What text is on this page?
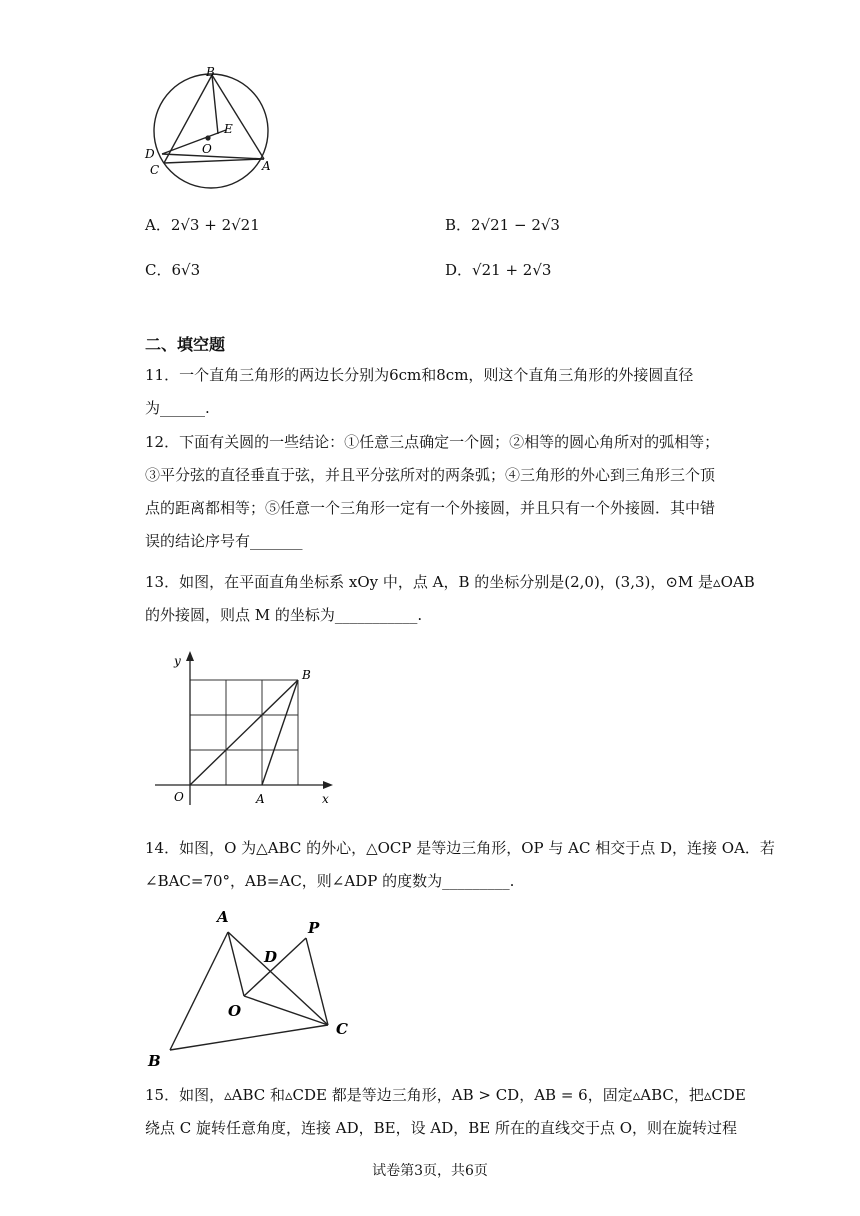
B
E
O
D
C	A
A．2√3 + 2√21	B．2√21 − 2√3
C．6√3	D．√21 + 2√3
二、填空题
11．一个直角三角形的两边长分别为6cm和8cm，则这个直角三角形的外接圆直径
为______.
12．下面有关圆的一些结论：①任意三点确定一个圆；②相等的圆心角所对的弧相等；
③平分弦的直径垂直于弦，并且平分弦所对的两条弧；④三角形的外心到三角形三个顶
点的距离都相等；⑤任意一个三角形一定有一个外接圆，并且只有一个外接圆．其中错
误的结论序号有_______
13．如图，在平面直角坐标系 xOy 中，点 A，B 的坐标分别是(2,0)，(3,3)，⊙M 是▵OAB
的外接圆，则点 M 的坐标为___________.
y
B
O	A	x
14．如图，O 为△ABC 的外心，△OCP 是等边三角形，OP 与 AC 相交于点 D，连接 OA．若
∠BAC=70°，AB=AC，则∠ADP 的度数为_________.
A
P
D
O
C
B
15．如图，▵ABC 和▵CDE 都是等边三角形，AB > CD，AB = 6，固定▵ABC，把▵CDE
绕点 C 旋转任意角度，连接 AD，BE，设 AD，BE 所在的直线交于点 O，则在旋转过程
试卷第3页，共6页
